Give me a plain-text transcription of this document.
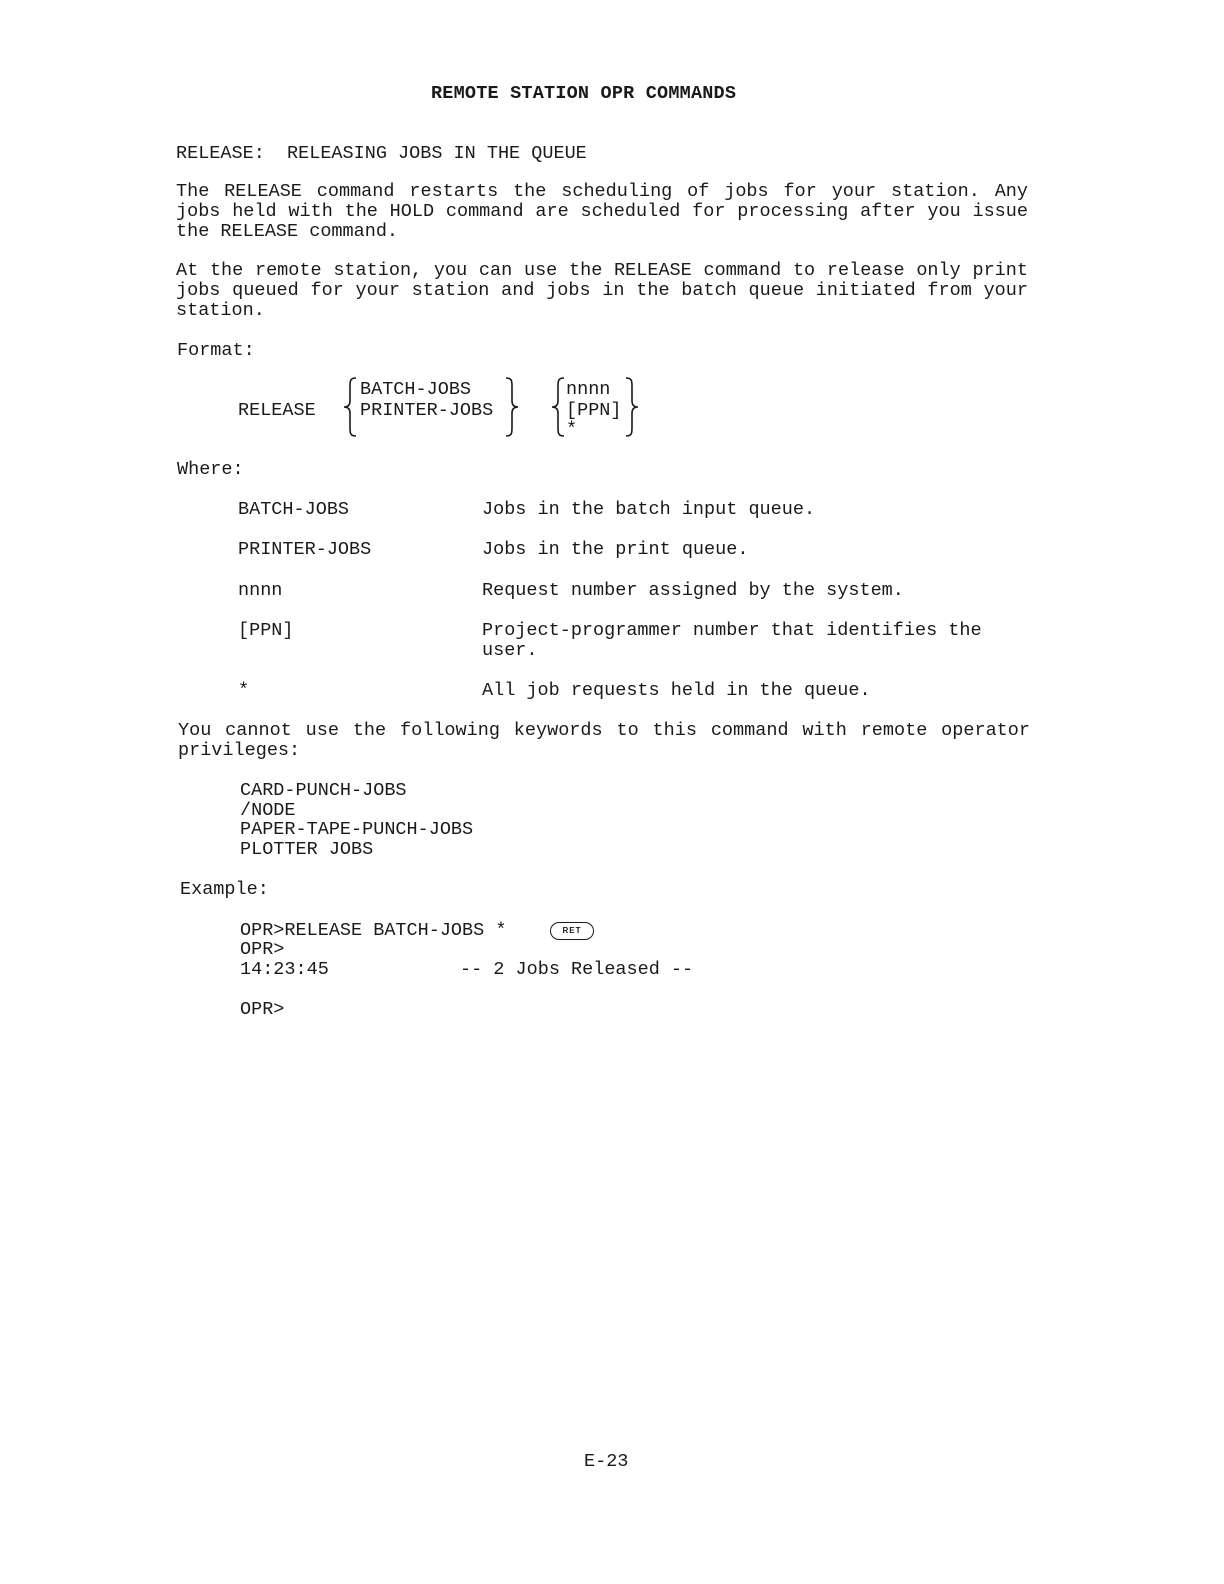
REMOTE STATION OPR COMMANDS
RELEASE:  RELEASING JOBS IN THE QUEUE
The RELEASE command restarts the scheduling of jobs for your station. Any jobs held with the HOLD command are scheduled for processing after you issue the RELEASE command.
At the remote station, you can use the RELEASE command to release only print jobs queued for your station and jobs in the batch queue initiated from your station.
Format:
RELEASE
BATCH-JOBS
PRINTER-JOBS
nnnn
[PPN]
*
Where:
BATCH-JOBS	Jobs in the batch input queue.
PRINTER-JOBS	Jobs in the print queue.
nnnn	Request number assigned by the system.
[PPN]	Project-programmer number that identifies the user.
*	All job requests held in the queue.
You cannot use the following keywords to this command with remote operator privileges:
CARD-PUNCH-JOBS
/NODE
PAPER-TAPE-PUNCH-JOBS
PLOTTER JOBS
Example:
OPR>RELEASE BATCH-JOBS *	RET
OPR>
14:23:45	-- 2 Jobs Released --
OPR>
E-23
